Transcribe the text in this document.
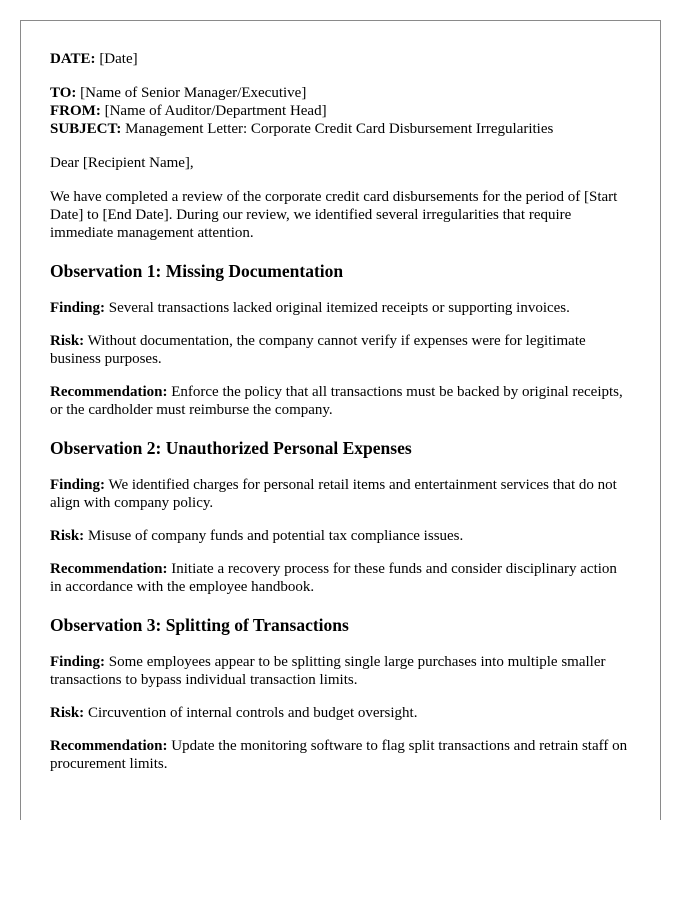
DATE: [Date]

TO: [Name of Senior Manager/Executive]

FROM: [Name of Auditor/Department Head]

SUBJECT: Management Letter: Corporate Credit Card Disbursement Irregularities

Dear [Recipient Name],

We have completed a review of the corporate credit card disbursements for the period of [Start Date] to [End Date]. During our review, we identified several irregularities that require immediate management attention.

Observation 1: Missing Documentation

Finding: Several transactions lacked original itemized receipts or supporting invoices.

Risk: Without documentation, the company cannot verify if expenses were for legitimate business purposes.

Recommendation: Enforce the policy that all transactions must be backed by original receipts, or the cardholder must reimburse the company.

Observation 2: Unauthorized Personal Expenses

Finding: We identified charges for personal retail items and entertainment services that do not align with company policy.

Risk: Misuse of company funds and potential tax compliance issues.

Recommendation: Initiate a recovery process for these funds and consider disciplinary action in accordance with the employee handbook.

Observation 3: Splitting of Transactions

Finding: Some employees appear to be splitting single large purchases into multiple smaller transactions to bypass individual transaction limits.

Risk: Circuvention of internal controls and budget oversight.

Recommendation: Update the monitoring software to flag split transactions and retrain staff on procurement limits.
